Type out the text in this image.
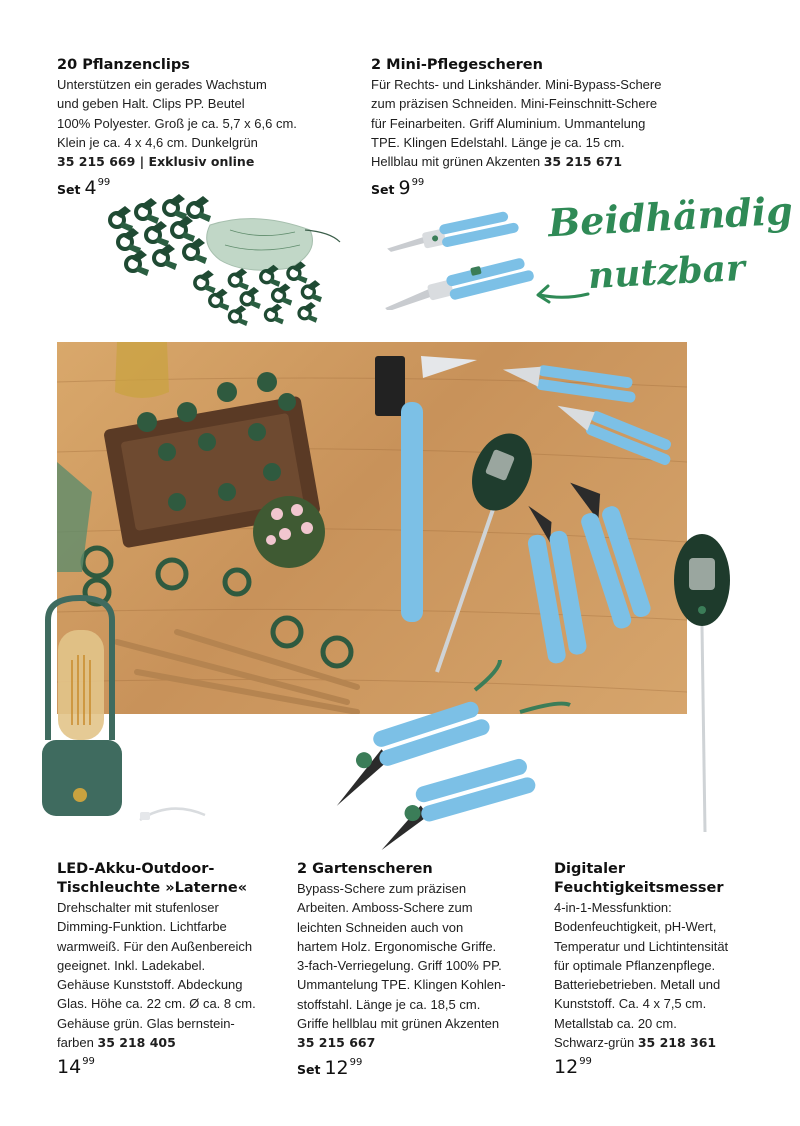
20 Pflanzenclips
Unterstützen ein gerades Wachstum
und geben Halt. Clips PP. Beutel
100% Polyester. Groß je ca. 5,7 x 6,6 cm.
Klein je ca. 4 x 4,6 cm. Dunkelgrün
35 215 669 | Exklusiv online
Set $4^{99}$
2 Mini-Pflegescheren
Für Rechts- und Linkshänder. Mini-Bypass-Schere
zum präzisen Schneiden. Mini-Feinschnitt-Schere
für Feinarbeiten. Griff Aluminium. Ummantelung
TPE. Klingen Edelstahl. Länge je ca. 15 cm.
Hellblau mit grünen Akzenten 35 215 671
Set $9^{99}$
LED-Akku-Outdoor-
Tischleuchte »Laterne«
Drehschalter mit stufenloser
Dimming-Funktion. Lichtfarbe
warmweiß. Für den Außenbereich
geeignet. Inkl. Ladekabel.
Gehäuse Kunststoff. Abdeckung
Glas. Höhe ca. 22 cm. Ø ca. 8 cm.
Gehäuse grün. Glas bernstein-
farben 35 218 405
$14^{99}$
2 Gartenscheren
Bypass-Schere zum präzisen
Arbeiten. Amboss-Schere zum
leichten Schneiden auch von
hartem Holz. Ergonomische Griffe.
3-fach-Verriegelung. Griff 100% PP.
Ummantelung TPE. Klingen Kohlen-
stoffstahl. Länge je ca. 18,5 cm.
Griffe hellblau mit grünen Akzenten
35 215 667
Set $12^{99}$
Digitaler
Feuchtigkeitsmesser
4-in-1-Messfunktion:
Bodenfeuchtigkeit, pH-Wert,
Temperatur und Lichtintensität
für optimale Pflanzenpflege.
Batteriebetrieben. Metall und
Kunststoff. Ca. 4 x 7,5 cm.
Metallstab ca. 20 cm.
Schwarz-grün 35 218 361
$12^{99}$
Beidhändig
nutzbar
